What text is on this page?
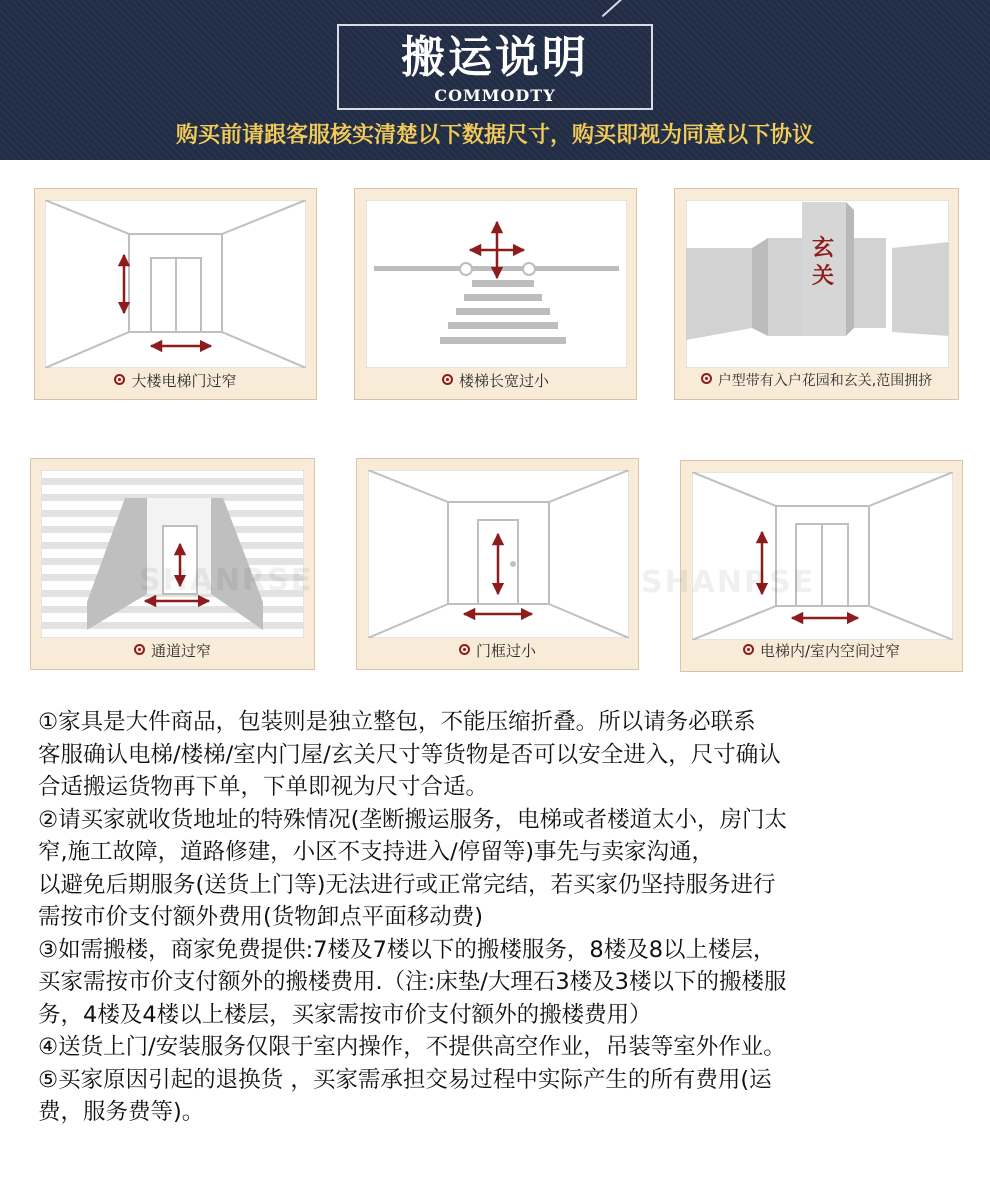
搬运说明
COMMODTY
购买前请跟客服核实清楚以下数据尺寸，购买即视为同意以下协议
大楼电梯门过窄	楼梯长宽过小
玄关
户型带有入户花园和玄关,范围拥挤
SHANRSE
通道过窄	门框过小
SHANRSE
电梯内/室内空间过窄
①家具是大件商品，包装则是独立整包，不能压缩折叠。所以请务必联系
客服确认电梯/楼梯/室内门屋/玄关尺寸等货物是否可以安全进入，尺寸确认
合适搬运货物再下单，下单即视为尺寸合适。
②请买家就收货地址的特殊情况(垄断搬运服务，电梯或者楼道太小，房门太
窄,施工故障，道路修建，小区不支持进入/停留等)事先与卖家沟通，
以避免后期服务(送货上门等)无法进行或正常完结，若买家仍坚持服务进行
需按市价支付额外费用(货物卸点平面移动费)
③如需搬楼，商家免费提供:7楼及7楼以下的搬楼服务，8楼及8以上楼层，
买家需按市价支付额外的搬楼费用.（注:床垫/大理石3楼及3楼以下的搬楼服
务，4楼及4楼以上楼层，买家需按市价支付额外的搬楼费用）
④送货上门/安装服务仅限于室内操作，不提供高空作业，吊装等室外作业。
⑤买家原因引起的退换货 ，买家需承担交易过程中实际产生的所有费用(运
费，服务费等)。
